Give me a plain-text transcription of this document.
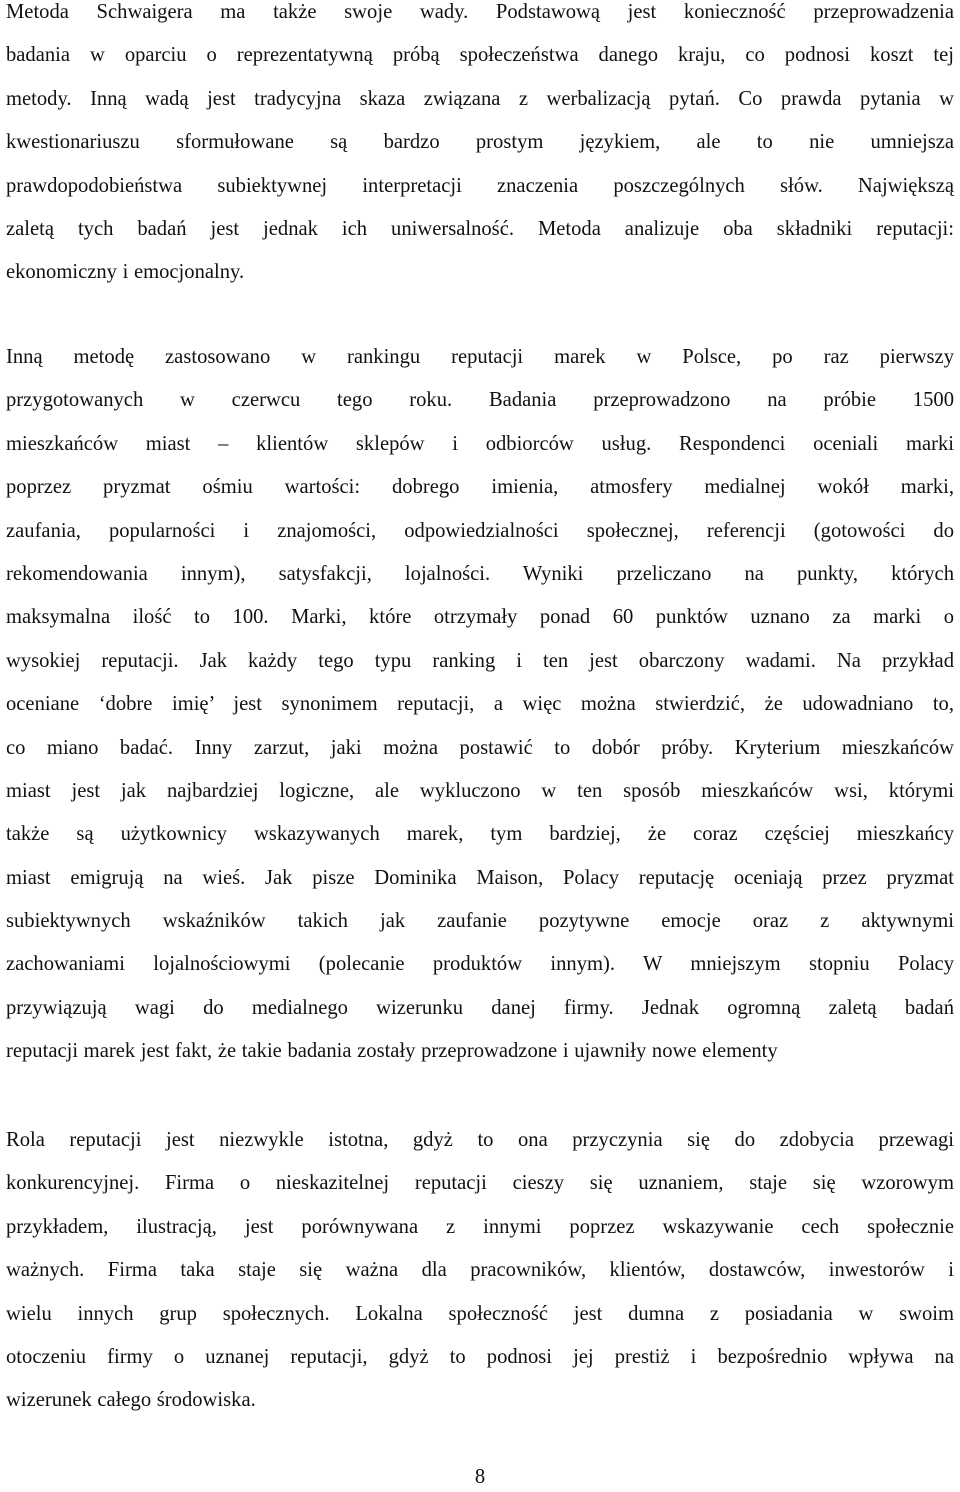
Metoda Schwaigera ma także swoje wady. Podstawową jest konieczność przeprowadzenia
badania w oparciu o reprezentatywną próbą społeczeństwa danego kraju, co podnosi koszt tej
metody. Inną wadą jest tradycyjna skaza związana z werbalizacją pytań. Co prawda pytania w
kwestionariuszu sformułowane są bardzo prostym językiem, ale to nie umniejsza
prawdopodobieństwa subiektywnej interpretacji znaczenia poszczególnych słów. Największą
zaletą tych badań jest jednak ich uniwersalność. Metoda analizuje oba składniki reputacji:
ekonomiczny i emocjonalny.

Inną metodę zastosowano w rankingu reputacji marek w Polsce, po raz pierwszy
przygotowanych w czerwcu tego roku. Badania przeprowadzono na próbie 1500
mieszkańców miast – klientów sklepów i odbiorców usług. Respondenci oceniali marki
poprzez pryzmat ośmiu wartości: dobrego imienia, atmosfery medialnej wokół marki,
zaufania, popularności i znajomości, odpowiedzialności społecznej, referencji (gotowości do
rekomendowania innym), satysfakcji, lojalności. Wyniki przeliczano na punkty, których
maksymalna ilość to 100. Marki, które otrzymały ponad 60 punktów uznano za marki o
wysokiej reputacji. Jak każdy tego typu ranking i ten jest obarczony wadami. Na przykład
oceniane ‘dobre imię’ jest synonimem reputacji, a więc można stwierdzić, że udowadniano to,
co miano badać. Inny zarzut, jaki można postawić to dobór próby. Kryterium mieszkańców
miast jest jak najbardziej logiczne, ale wykluczono w ten sposób mieszkańców wsi, którymi
także są użytkownicy wskazywanych marek, tym bardziej, że coraz częściej mieszkańcy
miast emigrują na wieś. Jak pisze Dominika Maison, Polacy reputację oceniają przez pryzmat
subiektywnych wskaźników takich jak zaufanie pozytywne emocje oraz z aktywnymi
zachowaniami lojalnościowymi (polecanie produktów innym). W mniejszym stopniu Polacy
przywiązują wagi do medialnego wizerunku danej firmy. Jednak ogromną zaletą badań
reputacji marek jest fakt, że takie badania zostały przeprowadzone i ujawniły nowe elementy

Rola reputacji jest niezwykle istotna, gdyż to ona przyczynia się do zdobycia przewagi
konkurencyjnej. Firma o nieskazitelnej reputacji cieszy się uznaniem, staje się wzorowym
przykładem, ilustracją, jest porównywana z innymi poprzez wskazywanie cech społecznie
ważnych. Firma taka staje się ważna dla pracowników, klientów, dostawców, inwestorów i
wielu innych grup społecznych. Lokalna społeczność jest dumna z posiadania w swoim
otoczeniu firmy o uznanej reputacji, gdyż to podnosi jej prestiż i bezpośrednio wpływa na
wizerunek całego środowiska.

8
